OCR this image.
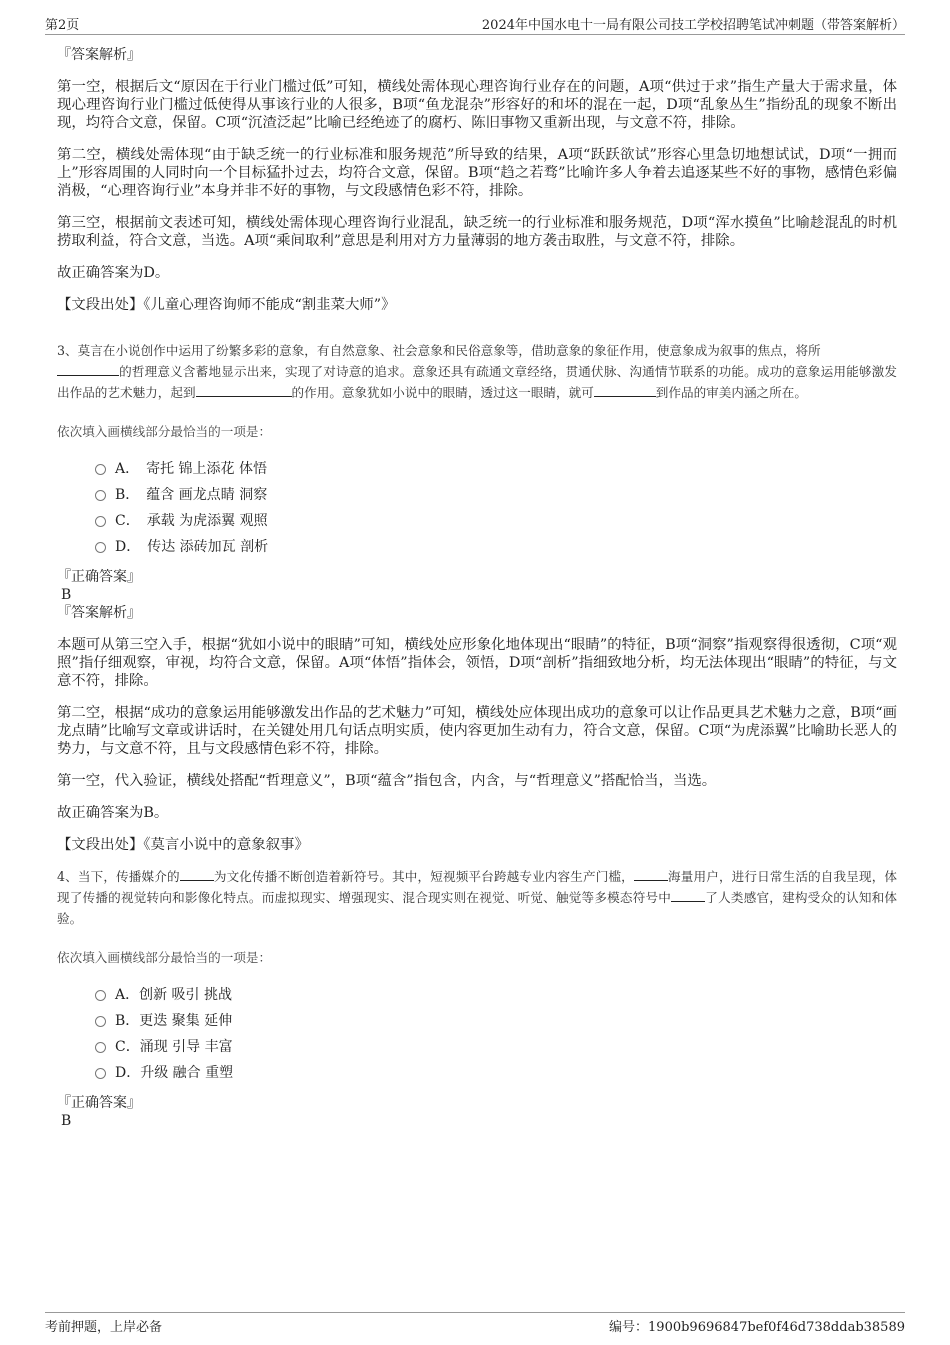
第2页	2024年中国水电十一局有限公司技工学校招聘笔试冲刺题（带答案解析）

『答案解析』

第一空，根据后文“原因在于行业门槛过低”可知，横线处需体现心理咨询行业存在的问题，A项“供过于求”指生产量大于需求量，体现心理咨询行业门槛过低使得从事该行业的人很多，B项“鱼龙混杂”形容好的和坏的混在一起，D项“乱象丛生”指纷乱的现象不断出现，均符合文意，保留。C项“沉渣泛起”比喻已经绝迹了的腐朽、陈旧事物又重新出现，与文意不符，排除。

第二空，横线处需体现“由于缺乏统一的行业标准和服务规范”所导致的结果，A项“跃跃欲试”形容心里急切地想试试，D项“一拥而上”形容周围的人同时向一个目标猛扑过去，均符合文意，保留。B项“趋之若骛”比喻许多人争着去追逐某些不好的事物，感情色彩偏消极，“心理咨询行业”本身并非不好的事物，与文段感情色彩不符，排除。

第三空，根据前文表述可知，横线处需体现心理咨询行业混乱，缺乏统一的行业标准和服务规范，D项“浑水摸鱼”比喻趁混乱的时机捞取利益，符合文意，当选。A项“乘间取利”意思是利用对方力量薄弱的地方袭击取胜，与文意不符，排除。

故正确答案为D。

【文段出处】《儿童心理咨询师不能成“割韭菜大师”》

3、莫言在小说创作中运用了纷繁多彩的意象，有自然意象、社会意象和民俗意象等，借助意象的象征作用，使意象成为叙事的焦点，将所
的哲理意义含蓄地显示出来，实现了对诗意的追求。意象还具有疏通文章经络，贯通伏脉、沟通情节联系的功能。成功的意象运用能够激发出作品的艺术魅力，起到	的作用。意象犹如小说中的眼睛，透过这一眼睛，就可	到作品的审美内涵之所在。

依次填入画横线部分最恰当的一项是：

A．　寄托 锦上添花 体悟
B．　蕴含 画龙点睛 洞察
C．　承载 为虎添翼 观照
D．　传达 添砖加瓦 剖析

『正确答案』

B

『答案解析』

本题可从第三空入手，根据“犹如小说中的眼睛”可知，横线处应形象化地体现出“眼睛”的特征，B项“洞察”指观察得很透彻，C项“观照”指仔细观察，审视，均符合文意，保留。A项“体悟”指体会，领悟，D项“剖析”指细致地分析，均无法体现出“眼睛”的特征，与文意不符，排除。

第二空，根据“成功的意象运用能够激发出作品的艺术魅力”可知，横线处应体现出成功的意象可以让作品更具艺术魅力之意，B项“画龙点睛”比喻写文章或讲话时，在关键处用几句话点明实质，使内容更加生动有力，符合文意，保留。C项“为虎添翼”比喻助长恶人的势力，与文意不符，且与文段感情色彩不符，排除。

第一空，代入验证，横线处搭配“哲理意义”，B项“蕴含”指包含，内含，与“哲理意义”搭配恰当，当选。

故正确答案为B。

【文段出处】《莫言小说中的意象叙事》

4、当下，传播媒介的	为文化传播不断创造着新符号。其中，短视频平台跨越专业内容生产门槛，	海量用户，进行日常生活的自我呈现，体现了传播的视觉转向和影像化特点。而虚拟现实、增强现实、混合现实则在视觉、听觉、触觉等多模态符号中	了人类感官，建构受众的认知和体验。

依次填入画横线部分最恰当的一项是：

A．创新 吸引 挑战
B．更迭 聚集 延伸
C．涌现 引导 丰富
D．升级 融合 重塑

『正确答案』

B

考前押题，上岸必备	编号：1900b9696847bef0f46d738ddab38589
